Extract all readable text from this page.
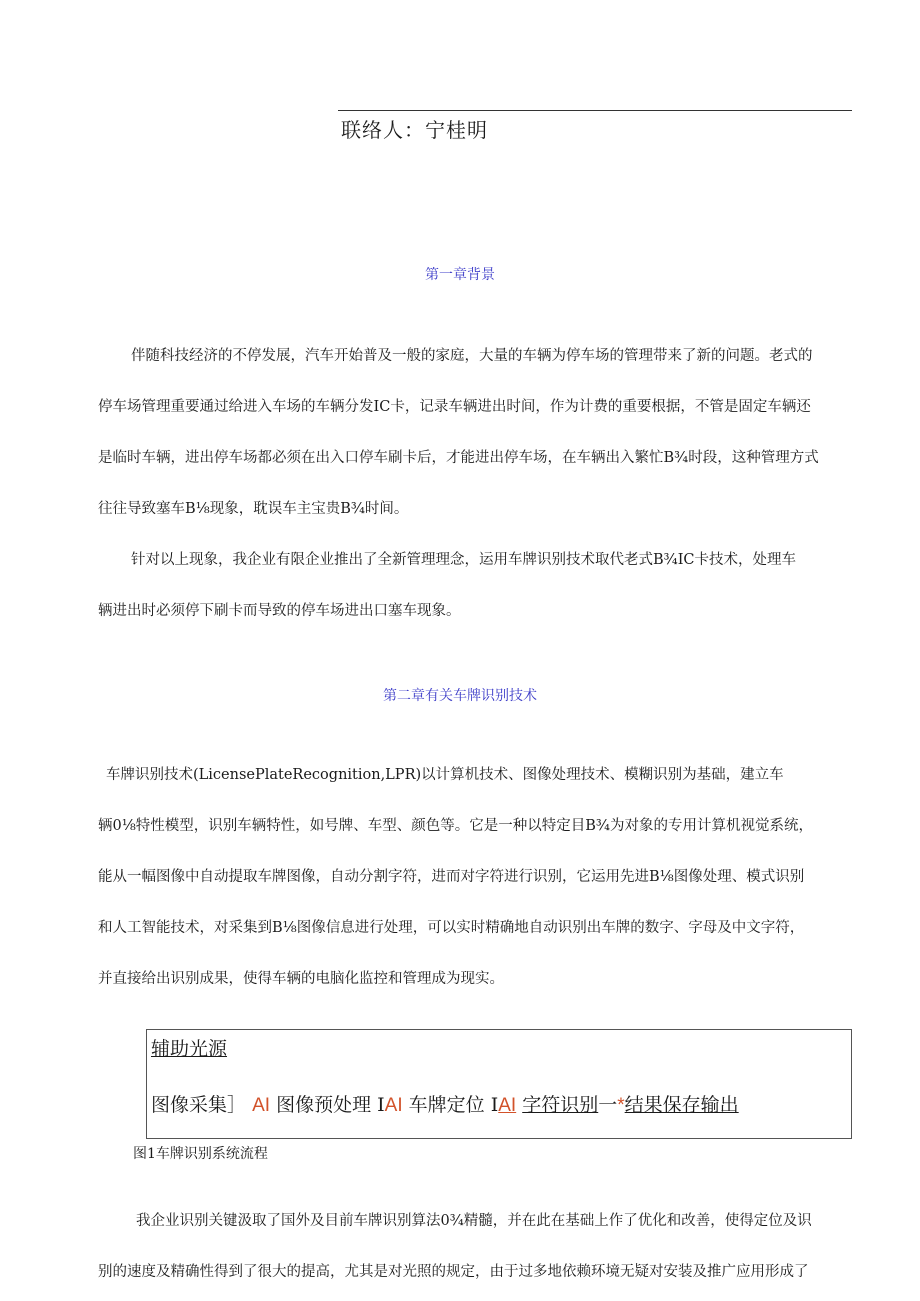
联络人：宁桂明
第一章背景
伴随科技经济的不停发展，汽车开始普及一般的家庭，大量的车辆为停车场的管理带来了新的问题。老式的
停车场管理重要通过给进入车场的车辆分发IC卡，记录车辆进出时间，作为计费的重要根据，不管是固定车辆还
是临时车辆，进出停车场都必须在出入口停车刷卡后，才能进出停车场，在车辆出入繁忙B¾时段，这种管理方式
往往导致塞车B⅛现象，耽误车主宝贵B¾时间。
针对以上现象，我企业有限企业推出了全新管理理念，运用车牌识别技术取代老式B¾IC卡技术，处理车
辆进出时必须停下刷卡而导致的停车场进出口塞车现象。
第二章有关车牌识别技术
车牌识别技术(LicensePlateRecognition,LPR)以计算机技术、图像处理技术、模糊识别为基础，建立车
辆0⅛特性模型，识别车辆特性，如号牌、车型、颜色等。它是一种以特定目B¾为对象的专用计算机视觉系统，
能从一幅图像中自动提取车牌图像，自动分割字符，进而对字符进行识别，它运用先进B⅛图像处理、模式识别
和人工智能技术，对采集到B⅛图像信息进行处理，可以实时精确地自动识别出车牌的数字、字母及中文字符，
并直接给出识别成果，使得车辆的电脑化监控和管理成为现实。
辅助光源
图像采集］ AI 图像预处理 IAI 车牌定位 IAI 字符识别一*结果保存输出
图1车牌识别系统流程
我企业识别关键汲取了国外及目前车牌识别算法0¾精髓，并在此在基础上作了优化和改善，使得定位及识
别的速度及精确性得到了很大的提高，尤其是对光照的规定，由于过多地依赖环境无疑对安装及推广应用形成了
